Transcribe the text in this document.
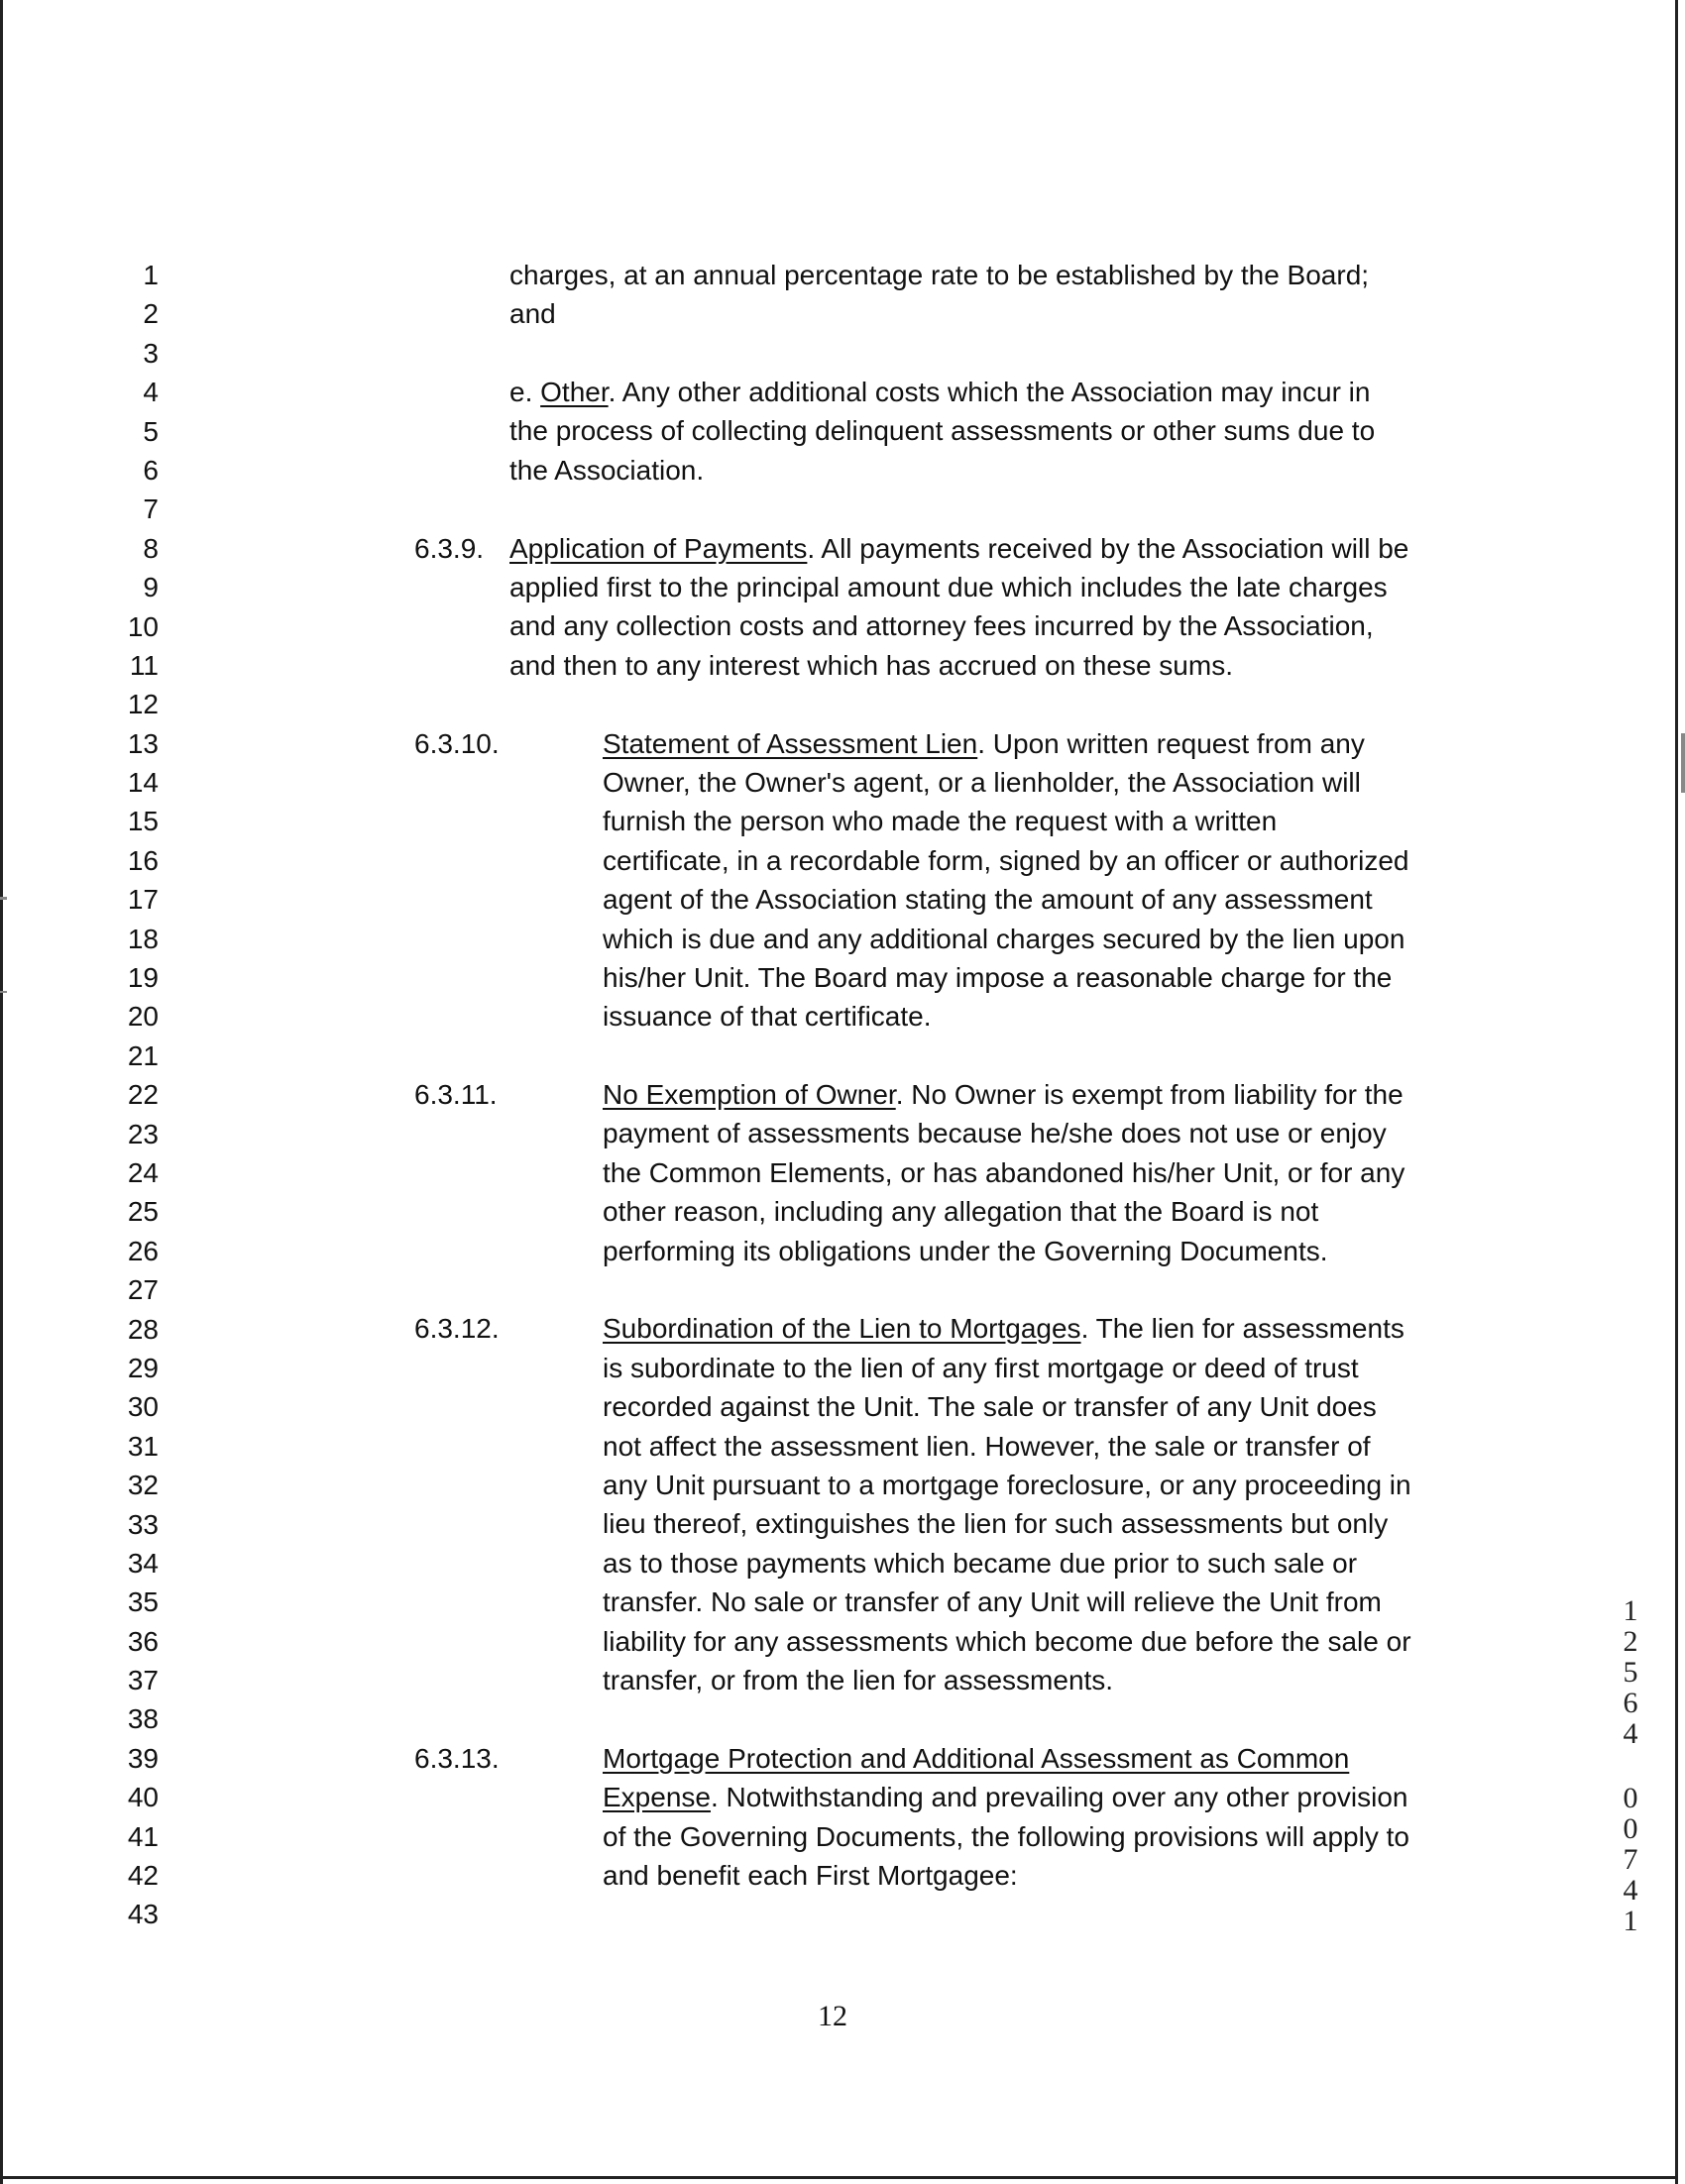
1
2
3
4
5
6
7
8
9
10
11
12
13
14
15
16
17
18
19
20
21
22
23
24
25
26
27
28
29
30
31
32
33
34
35
36
37
38
39
40
41
42
43
charges, at an annual percentage rate to be established by the Board;
and
e. Other. Any other additional costs which the Association may incur in
the process of collecting delinquent assessments or other sums due to
the Association.
6.3.9. Application of Payments. All payments received by the Association will be
applied first to the principal amount due which includes the late charges
and any collection costs and attorney fees incurred by the Association,
and then to any interest which has accrued on these sums.
6.3.10.	Statement of Assessment Lien. Upon written request from any
Owner, the Owner's agent, or a lienholder, the Association will
furnish the person who made the request with a written
certificate, in a recordable form, signed by an officer or authorized
agent of the Association stating the amount of any assessment
which is due and any additional charges secured by the lien upon
his/her Unit. The Board may impose a reasonable charge for the
issuance of that certificate.
6.3.11.	No Exemption of Owner. No Owner is exempt from liability for the
payment of assessments because he/she does not use or enjoy
the Common Elements, or has abandoned his/her Unit, or for any
other reason, including any allegation that the Board is not
performing its obligations under the Governing Documents.
6.3.12.	Subordination of the Lien to Mortgages. The lien for assessments
is subordinate to the lien of any first mortgage or deed of trust
recorded against the Unit. The sale or transfer of any Unit does
not affect the assessment lien. However, the sale or transfer of
any Unit pursuant to a mortgage foreclosure, or any proceeding in
lieu thereof, extinguishes the lien for such assessments but only
as to those payments which became due prior to such sale or
transfer. No sale or transfer of any Unit will relieve the Unit from
liability for any assessments which become due before the sale or
transfer, or from the lien for assessments.
6.3.13.	Mortgage Protection and Additional Assessment as Common
Expense. Notwithstanding and prevailing over any other provision
of the Governing Documents, the following provisions will apply to
and benefit each First Mortgagee:
12
1
2
5
6
4
0
0
7
4
1
